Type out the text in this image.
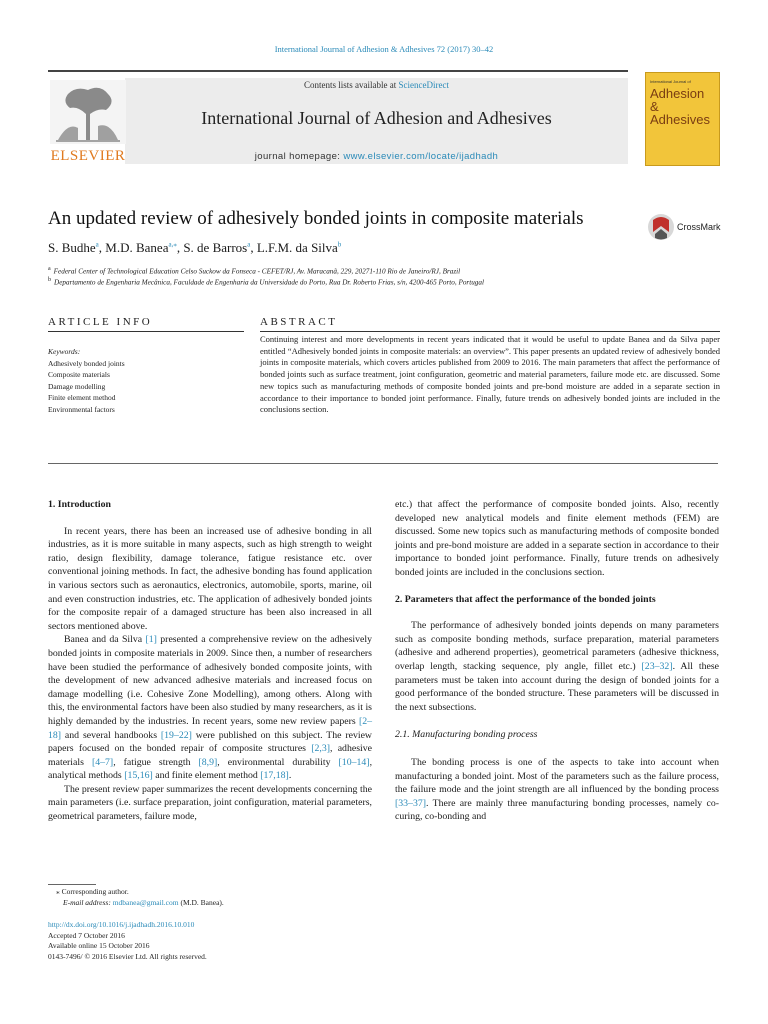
International Journal of Adhesion & Adhesives 72 (2017) 30–42
ELSEVIER
Contents lists available at ScienceDirect
International Journal of Adhesion and Adhesives
journal homepage: www.elsevier.com/locate/ijadhadh
International Journal of
Adhesion & Adhesives
An updated review of adhesively bonded joints in composite materials	CrossMark
S. Budhe$^a$, M.D. Banea$^{a,⁎}$, S. de Barros$^a$, L.F.M. da Silva$^b$
$^a$ Federal Center of Technological Education Celso Suckow da Fonseca - CEFET/RJ, Av. Maracanã, 229, 20271-110 Rio de Janeiro/RJ, Brazil
$^b$ Departamento de Engenharia Mecânica, Faculdade de Engenharia da Universidade do Porto, Rua Dr. Roberto Frias, s/n, 4200-465 Porto, Portugal
ARTICLE INFO	ABSTRACT
Keywords:
Adhesively bonded joints
Composite materials
Damage modelling
Finite element method
Environmental factors
Continuing interest and more developments in recent years indicated that it would be useful to update Banea and da Silva paper entitled “Adhesively bonded joints in composite materials: an overview”. This paper presents an updated review of adhesively bonded joints in composite materials, which covers articles published from 2009 to 2016. The main parameters that affect the performance of bonded joints such as surface treatment, joint configuration, geometric and material parameters, failure mode etc. are discussed. Some new topics such as manufacturing methods of composite bonded joints and pre-bond moisture are added in a separate section in accordance to their importance to bonded joint performance. Finally, future trends on adhesively bonded joints are included in the conclusions section.
1. Introduction

In recent years, there has been an increased use of adhesive bonding in all industries, as it is more suitable in many aspects, such as high strength to weight ratio, design flexibility, damage tolerance, fatigue resistance etc. over conventional joining methods. In fact, the adhesive bonding has found application in various sectors such as aeronautics, electronics, automobile, sports, marine, oil and even construction industries, etc. The application of adhesively bonded joints for the composite repair of a damaged structure has been also increased in all sectors mentioned above.

Banea and da Silva [1] presented a comprehensive review on the adhesively bonded joints in composite materials in 2009. Since then, a number of researchers have been studied the performance of adhesively bonded composite joints, with the development of new advanced adhesive materials and increased focus on damage modelling (i.e. Cohesive Zone Modelling), among others. Along with this, the environmental factors have been also studied by many researchers, as it is highly demanded by the industries. In recent years, some new review papers [2–18] and several handbooks [19–22] were published on this subject. The review papers focused on the bonded repair of composite structures [2,3], adhesive materials [4–7], fatigue strength [8,9], environmental durability [10–14], analytical methods [15,16] and finite element method [17,18].

The present review paper summarizes the recent developments concerning the main parameters (i.e. surface preparation, joint configuration, material parameters, geometrical parameters, failure mode,

etc.) that affect the performance of composite bonded joints. Also, recently developed new analytical models and finite element methods (FEM) are discussed. Some new topics such as manufacturing methods of composite bonded joints and pre-bond moisture are added in a separate section in accordance to their importance to bonded joint performance. Finally, future trends on adhesively bonded joints are included in the conclusions section.

2. Parameters that affect the performance of the bonded joints

The performance of adhesively bonded joints depends on many parameters such as composite bonding methods, surface preparation, material parameters (adhesive and adherend properties), geometrical parameters (adhesive thickness, overlap length, stacking sequence, ply angle, fillet etc.) [23–32]. All these parameters must be taken into account during the design of bonded joints for a good performance of the bonded structure. These parameters will be discussed in the next subsections.

2.1. Manufacturing bonding process

The bonding process is one of the aspects to take into account when manufacturing a bonded joint. Most of the parameters such as the failure process, the failure mode and the joint strength are all influenced by the bonding process [33–37]. There are mainly three manufacturing bonding processes, namely co-curing, co-bonding and

⁎ Corresponding author.
E-mail address: mdbanea@gmail.com (M.D. Banea).
http://dx.doi.org/10.1016/j.ijadhadh.2016.10.010
Accepted 7 October 2016
Available online 15 October 2016
0143-7496/ © 2016 Elsevier Ltd. All rights reserved.
